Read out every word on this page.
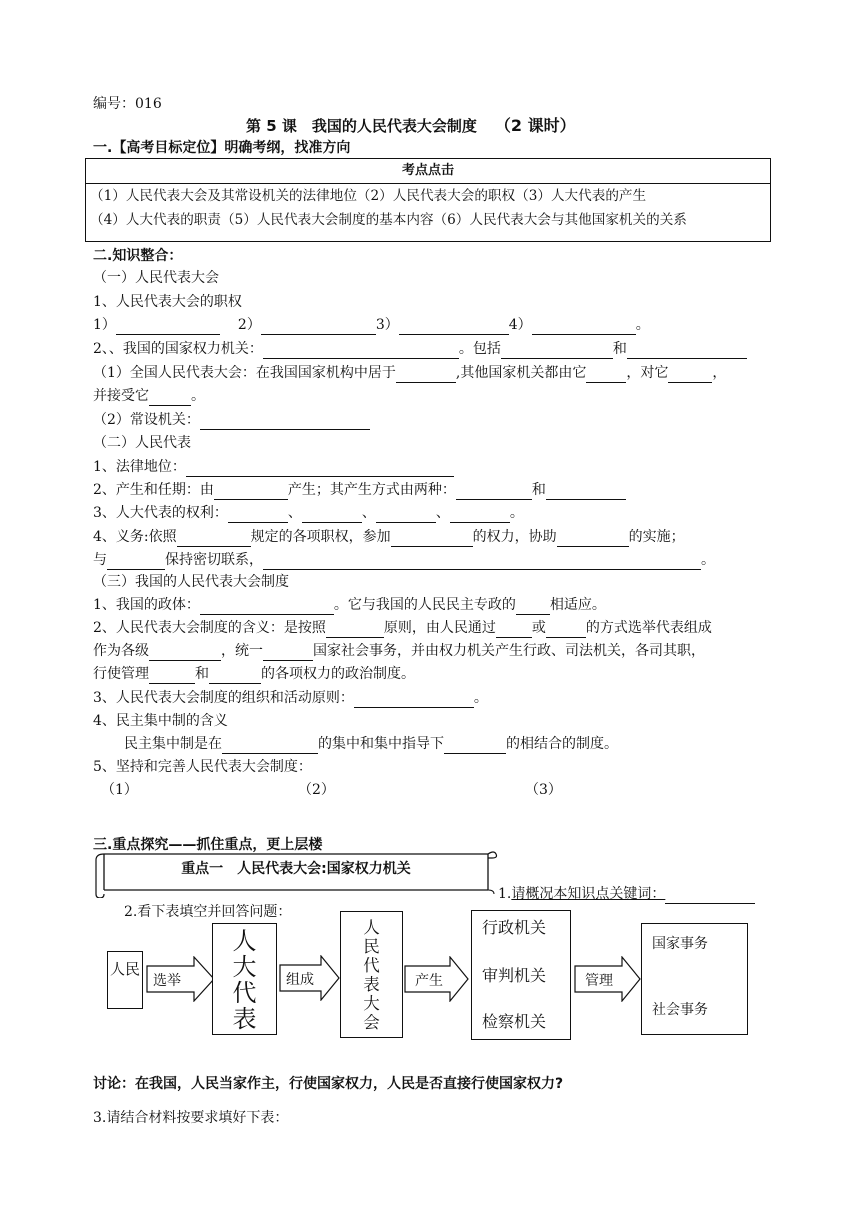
编号：016
第 5 课　我国的人民代表大会制度 （2 课时）
一.【高考目标定位】明确考纲，找准方向
考点点击
（1）人民代表大会及其常设机关的法律地位（2）人民代表大会的职权（3）人大代表的产生
（4）人大代表的职责（5）人民代表大会制度的基本内容（6）人民代表大会与其他国家机关的关系
二.知识整合：
（一）人民代表大会
1、人民代表大会的职权
1）	2）	3）	4）	。
2、、我国的国家权力机关：	。包括	和
（1）全国人民代表大会：在我国国家机构中居于	,其他国家机关都由它	，对它	，
并接受它	。
（2）常设机关：
（二）人民代表
1、法律地位：
2、产生和任期：由	产生；其产生方式由两种：	和
3、人大代表的权利：	、	、	、	。
4、义务:依照	规定的各项职权，参加	的权力，协助	的实施；
与	保持密切联系，	。
（三）我国的人民代表大会制度
1、我国的政体：	。它与我国的人民民主专政的 相适应。
2、人民代表大会制度的含义：是按照	原则，由人民通过	或	的方式选举代表组成
作为各级	，统一	国家社会事务，并由权力机关产生行政、司法机关，各司其职，
行使管理	和	的各项权力的政治制度。
3、人民代表大会制度的组织和活动原则：	。
4、民主集中制的含义
民主集中制是在	的集中和集中指导下	的相结合的制度。
5、坚持和完善人民代表大会制度：
（1）	（2）	（3）
三.重点探究——抓住重点，更上层楼
重点一　人民代表大会:国家权力机关
1.请概况本知识点关键词：
2.看下表填空并回答问题：
人民
选举
人大代表
组成
人民代表大会
产生
行政机关
审判机关
检察机关
管理
国家事务
社会事务
讨论：在我国，人民当家作主，行使国家权力，人民是否直接行使国家权力?
3.请结合材料按要求填好下表：
